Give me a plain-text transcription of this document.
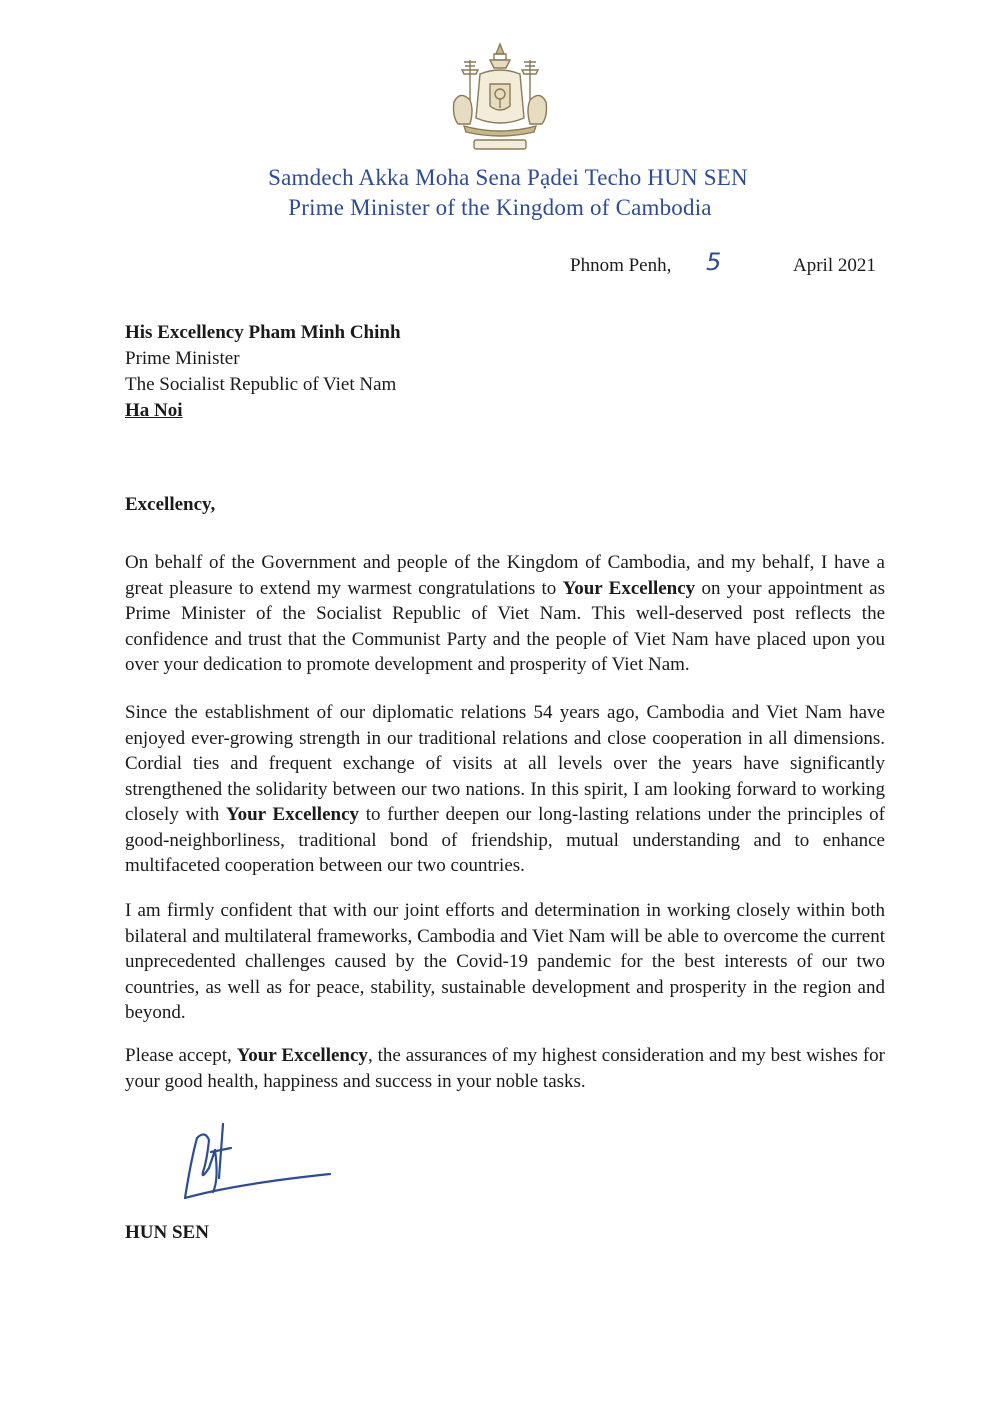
Samdech Akka Moha Sena Pạdei Techo HUN SEN
Prime Minister of the Kingdom of Cambodia
Phnom Penh, 5	April 2021
His Excellency Pham Minh Chinh
Prime Minister
The Socialist Republic of Viet Nam
Ha Noi
Excellency,
On behalf of the Government and people of the Kingdom of Cambodia, and my behalf, I have a great pleasure to extend my warmest congratulations to Your Excellency on your appointment as Prime Minister of the Socialist Republic of Viet Nam. This well-deserved post reflects the confidence and trust that the Communist Party and the people of Viet Nam have placed upon you over your dedication to promote development and prosperity of Viet Nam.
Since the establishment of our diplomatic relations 54 years ago, Cambodia and Viet Nam have enjoyed ever-growing strength in our traditional relations and close cooperation in all dimensions. Cordial ties and frequent exchange of visits at all levels over the years have significantly strengthened the solidarity between our two nations. In this spirit, I am looking forward to working closely with Your Excellency to further deepen our long-lasting relations under the principles of good-neighborliness, traditional bond of friendship, mutual understanding and to enhance multifaceted cooperation between our two countries.
I am firmly confident that with our joint efforts and determination in working closely within both bilateral and multilateral frameworks, Cambodia and Viet Nam will be able to overcome the current unprecedented challenges caused by the Covid-19 pandemic for the best interests of our two countries, as well as for peace, stability, sustainable development and prosperity in the region and beyond.
Please accept, Your Excellency, the assurances of my highest consideration and my best wishes for your good health, happiness and success in your noble tasks.
HUN SEN
